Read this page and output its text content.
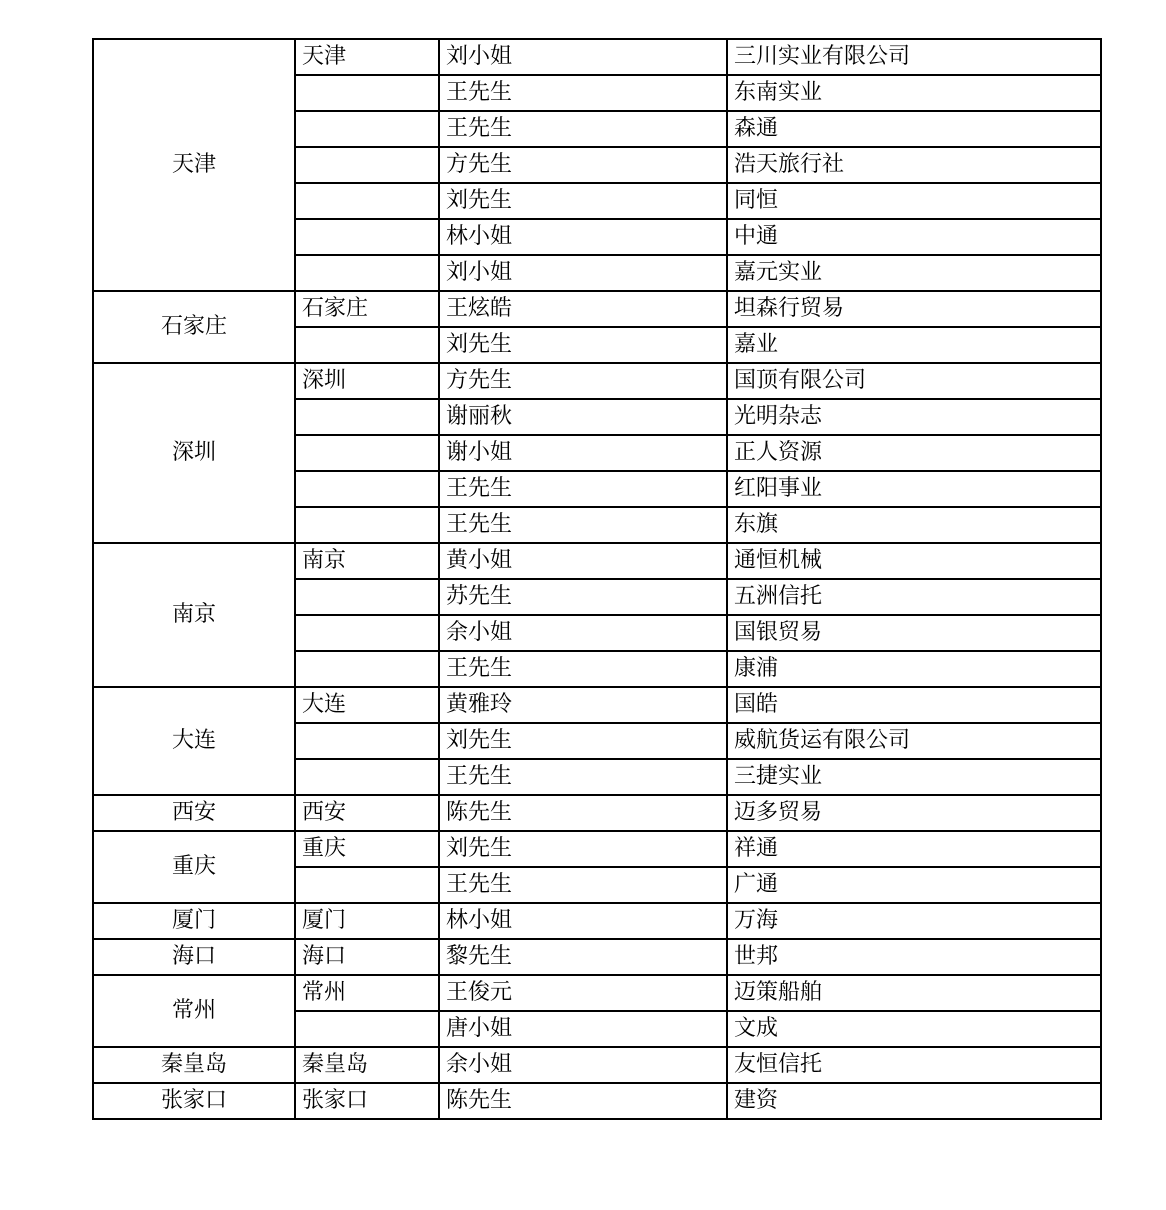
天津	天津	刘小姐	三川实业有限公司
		王先生	东南实业
		王先生	森通
		方先生	浩天旅行社
		刘先生	同恒
		林小姐	中通
		刘小姐	嘉元实业
石家庄	石家庄	王炫皓	坦森行贸易
		刘先生	嘉业
深圳	深圳	方先生	国顶有限公司
		谢丽秋	光明杂志
		谢小姐	正人资源
		王先生	红阳事业
		王先生	东旗
南京	南京	黄小姐	通恒机械
		苏先生	五洲信托
		余小姐	国银贸易
		王先生	康浦
大连	大连	黄雅玲	国皓
		刘先生	威航货运有限公司
		王先生	三捷实业
西安	西安	陈先生	迈多贸易
重庆	重庆	刘先生	祥通
		王先生	广通
厦门	厦门	林小姐	万海
海口	海口	黎先生	世邦
常州	常州	王俊元	迈策船舶
		唐小姐	文成
秦皇岛	秦皇岛	余小姐	友恒信托
张家口	张家口	陈先生	建资
